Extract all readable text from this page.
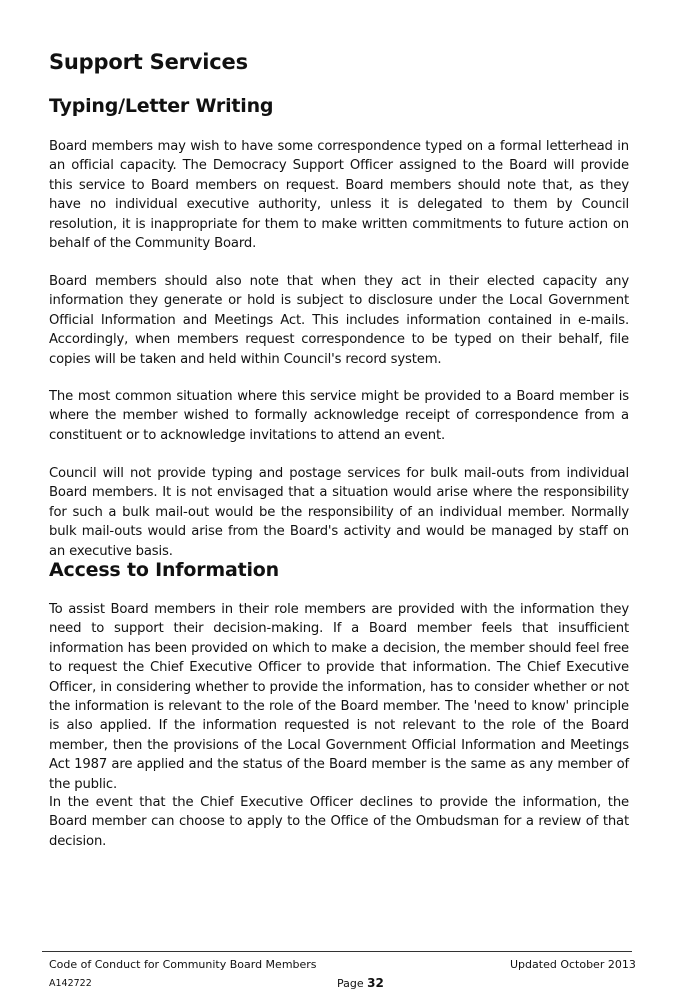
Support Services
Typing/Letter Writing

Board members may wish to have some correspondence typed on a formal letterhead in an official capacity. The Democracy Support Officer assigned to the Board will provide this service to Board members on request. Board members should note that, as they have no individual executive authority, unless it is delegated to them by Council resolution, it is inappropriate for them to make written commitments to future action on behalf of the Community Board.

Board members should also note that when they act in their elected capacity any information they generate or hold is subject to disclosure under the Local Government Official Information and Meetings Act. This includes information contained in e-mails. Accordingly, when members request correspondence to be typed on their behalf, file copies will be taken and held within Council's record system.

The most common situation where this service might be provided to a Board member is where the member wished to formally acknowledge receipt of correspondence from a constituent or to acknowledge invitations to attend an event.

Council will not provide typing and postage services for bulk mail-outs from individual Board members. It is not envisaged that a situation would arise where the responsibility for such a bulk mail-out would be the responsibility of an individual member. Normally bulk mail-outs would arise from the Board's activity and would be managed by staff on an executive basis.

Access to Information

To assist Board members in their role members are provided with the information they need to support their decision-making. If a Board member feels that insufficient information has been provided on which to make a decision, the member should feel free to request the Chief Executive Officer to provide that information. The Chief Executive Officer, in considering whether to provide the information, has to consider whether or not the information is relevant to the role of the Board member. The 'need to know' principle is also applied. If the information requested is not relevant to the role of the Board member, then the provisions of the Local Government Official Information and Meetings Act 1987 are applied and the status of the Board member is the same as any member of the public.

In the event that the Chief Executive Officer declines to provide the information, the Board member can choose to apply to the Office of the Ombudsman for a review of that decision.

Code of Conduct for Community Board Members	Updated October 2013
A142722	Page 32
